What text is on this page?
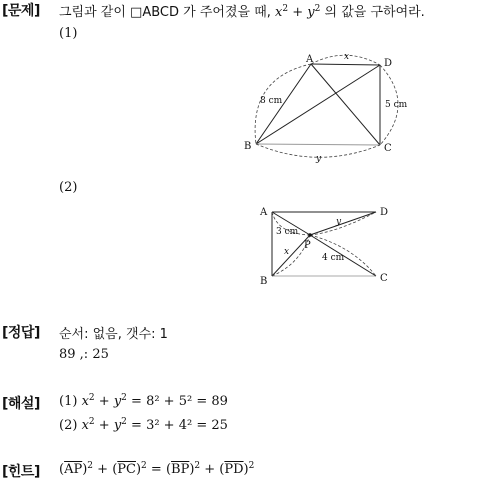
[문제] 그림과 같이 □ABCD 가 주어졌을 때, $x^2 + y^2$ 의 값을 구하여라.
(1)
A	D
B	C
8 cm	5 cm
x
y
(2)
A	D
B	C
P
3 cm
4 cm
x
y
[정답] 순서: 없음, 갯수: 1
89 ,: 25
[해설] (1) $x^2 + y^2 = 8^2 + 5^2 = 89$
(2) $x^2 + y^2 = 3^2 + 4^2 = 25$
[힌트] $(\overline{AP})^2 + (\overline{PC})^2 = (\overline{BP})^2 + (\overline{PD})^2$
